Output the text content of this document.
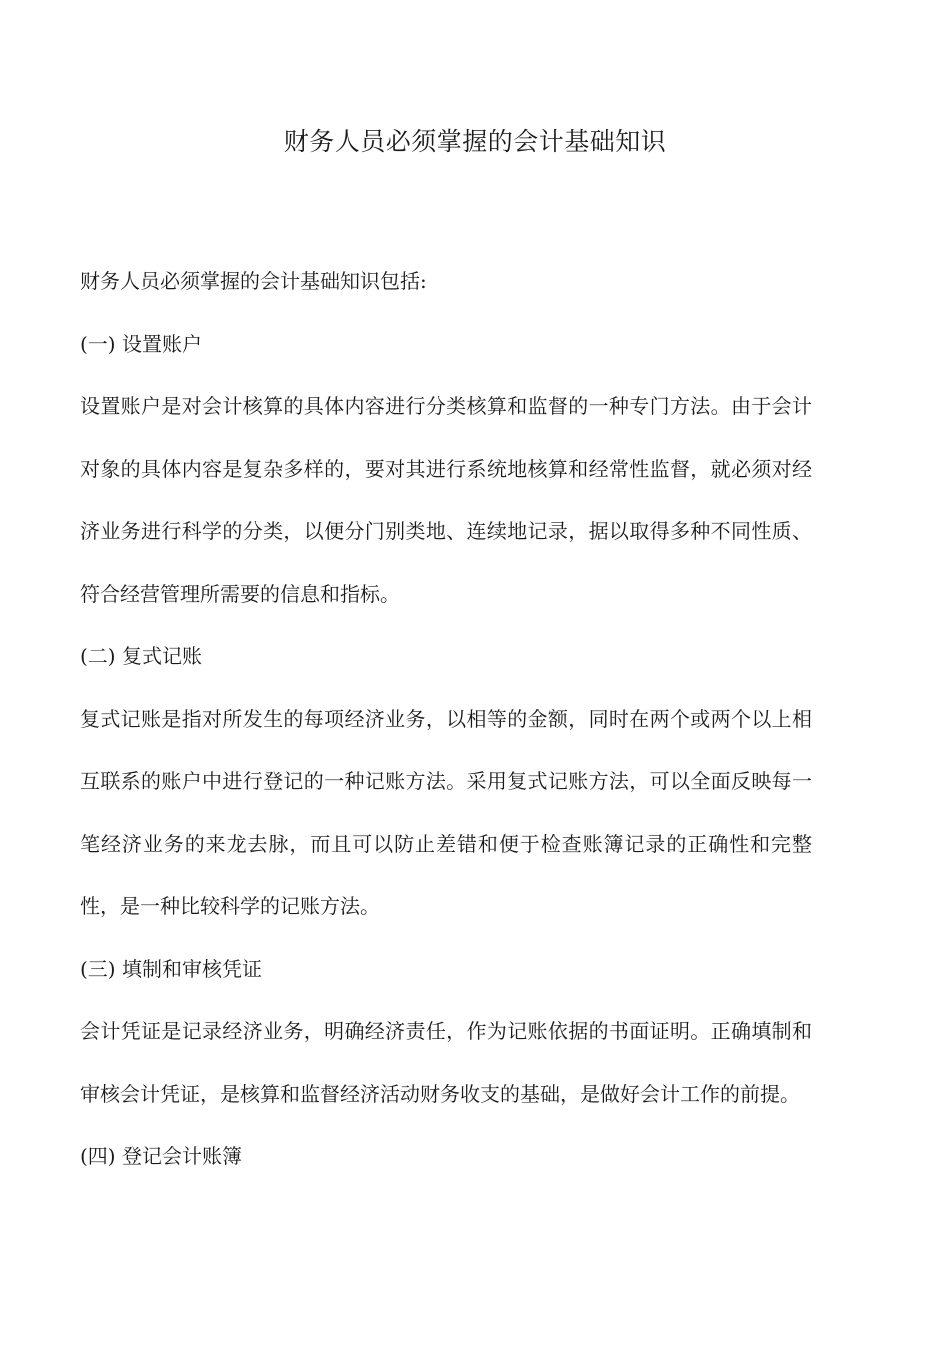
财务人员必须掌握的会计基础知识

财务人员必须掌握的会计基础知识包括:

(一) 设置账户

设置账户是对会计核算的具体内容进行分类核算和监督的一种专门方法。由于会计对象的具体内容是复杂多样的，要对其进行系统地核算和经常性监督，就必须对经济业务进行科学的分类，以便分门别类地、连续地记录，据以取得多种不同性质、符合经营管理所需要的信息和指标。

(二) 复式记账

复式记账是指对所发生的每项经济业务，以相等的金额，同时在两个或两个以上相互联系的账户中进行登记的一种记账方法。采用复式记账方法，可以全面反映每一笔经济业务的来龙去脉，而且可以防止差错和便于检查账簿记录的正确性和完整性，是一种比较科学的记账方法。

(三) 填制和审核凭证

会计凭证是记录经济业务，明确经济责任，作为记账依据的书面证明。正确填制和审核会计凭证，是核算和监督经济活动财务收支的基础，是做好会计工作的前提。

(四) 登记会计账簿
